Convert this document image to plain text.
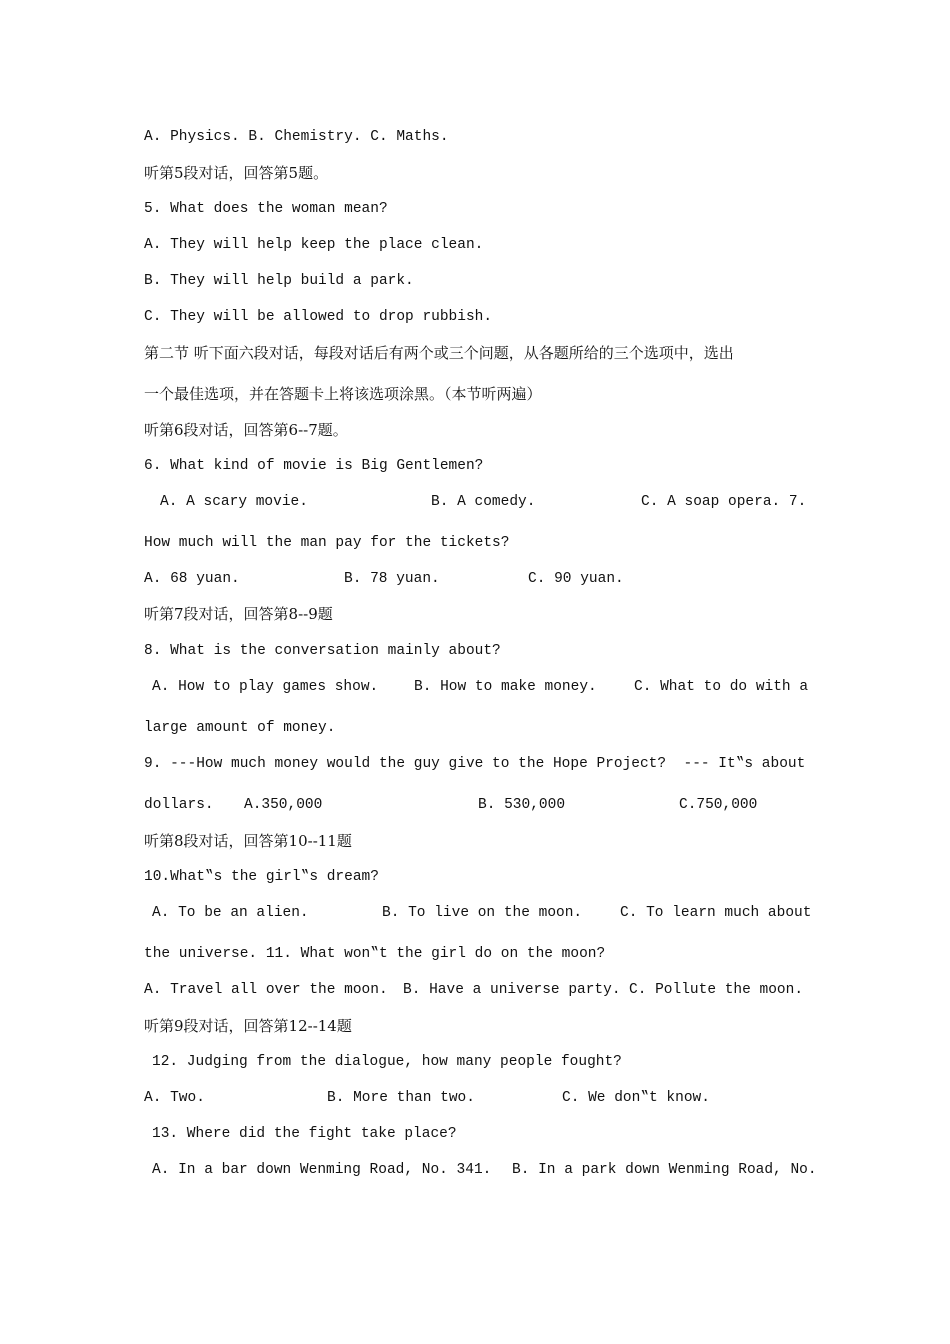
A. Physics. B. Chemistry. C. Maths.
听第5段对话，回答第5题。
5. What does the woman mean?
A. They will help keep the place clean.
B. They will help build a park.
C. They will be allowed to drop rubbish.
第二节 听下面六段对话，每段对话后有两个或三个问题，从各题所给的三个选项中，选出
一个最佳选项，并在答题卡上将该选项涂黑。（本节听两遍）
听第6段对话，回答第6--7题。
6. What kind of movie is Big Gentlemen?
A. A scary movie.	B. A comedy.	C. A soap opera. 7.
How much will the man pay for the tickets?
A. 68 yuan.	B. 78 yuan.	C. 90 yuan.
听第7段对话，回答第8--9题
8. What is the conversation mainly about?
A. How to play games show. B. How to make money.	C. What to do with a
large amount of money.
9. ---How much money would the guy give to the Hope Project?  --- It‟s about
dollars. A.350,000	B. 530,000	C.750,000
听第8段对话，回答第10--11题
10.What‟s the girl‟s dream?
A. To be an alien.	B. To live on the moon.	C. To learn much about
the universe. 11. What won‟t the girl do on the moon?
A. Travel all over the moon. B. Have a universe party. C. Pollute the moon.
听第9段对话，回答第12--14题
12. Judging from the dialogue, how many people fought?
A. Two.	B. More than two.	C. We don‟t know.
13. Where did the fight take place?
A. In a bar down Wenming Road, No. 341. B. In a park down Wenming Road, No.
